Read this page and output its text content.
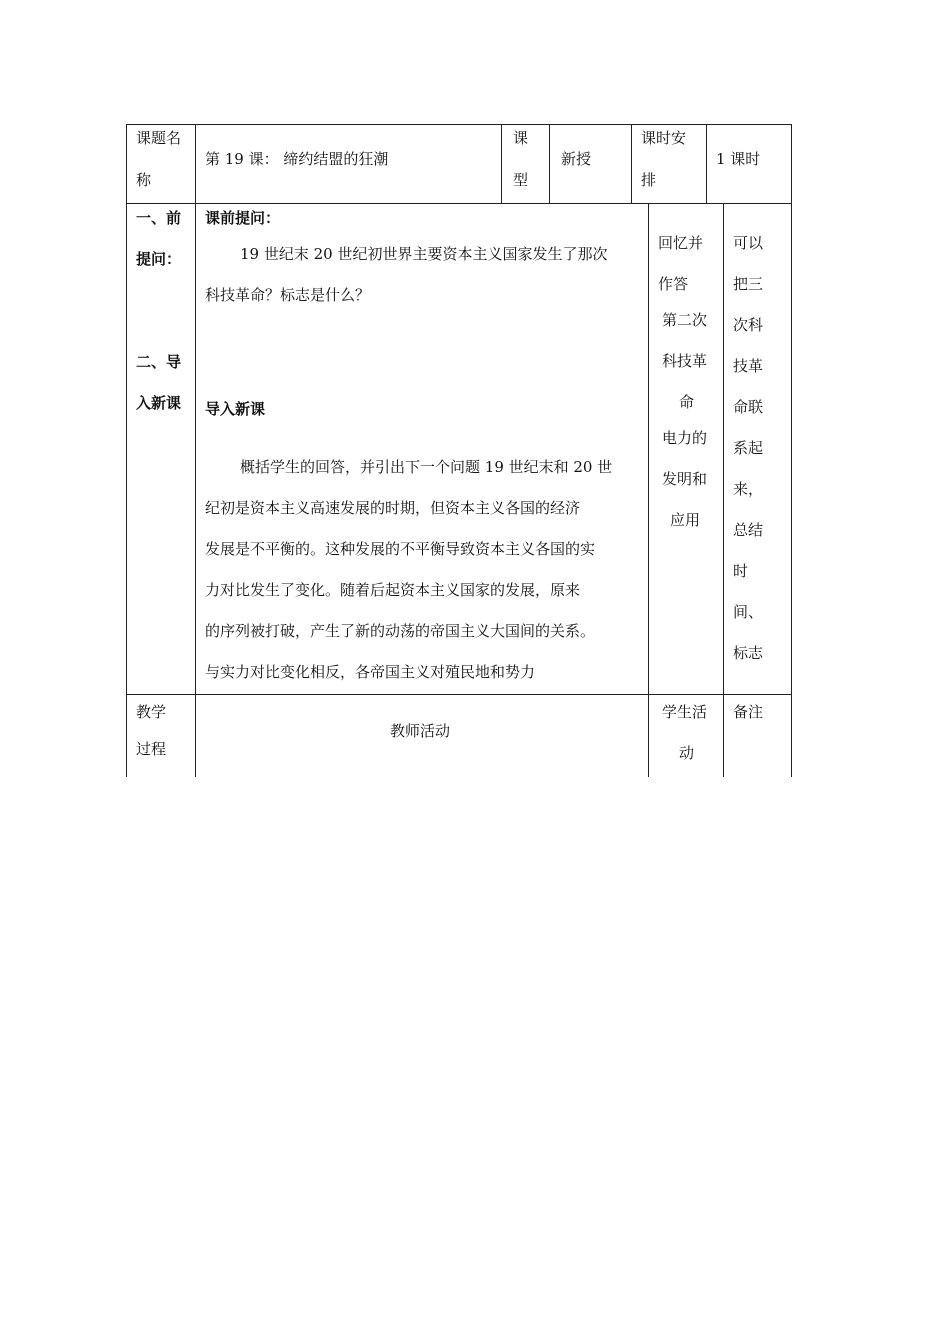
课题名
称
第 19 课： 缔约结盟的狂潮
课
型
新授
课时安
排
1 课时
一、前
提问：
二、导
入新课
课前提问：
19 世纪末 20 世纪初世界主要资本主义国家发生了那次
科技革命？标志是什么？
导入新课
概括学生的回答，并引出下一个问题 19 世纪末和 20 世
纪初是资本主义高速发展的时期，但资本主义各国的经济
发展是不平衡的。这种发展的不平衡导致资本主义各国的实
力对比发生了变化。随着后起资本主义国家的发展，原来
的序列被打破，产生了新的动荡的帝国主义大国间的关系。
与实力对比变化相反，各帝国主义对殖民地和势力
回忆并
作答
第二次
科技革
命
电力的
发明和
应用
可以
把三
次科
技革
命联
系起
来，
总结
时
间、
标志
教学
过程
教师活动
学生活
动
备注
